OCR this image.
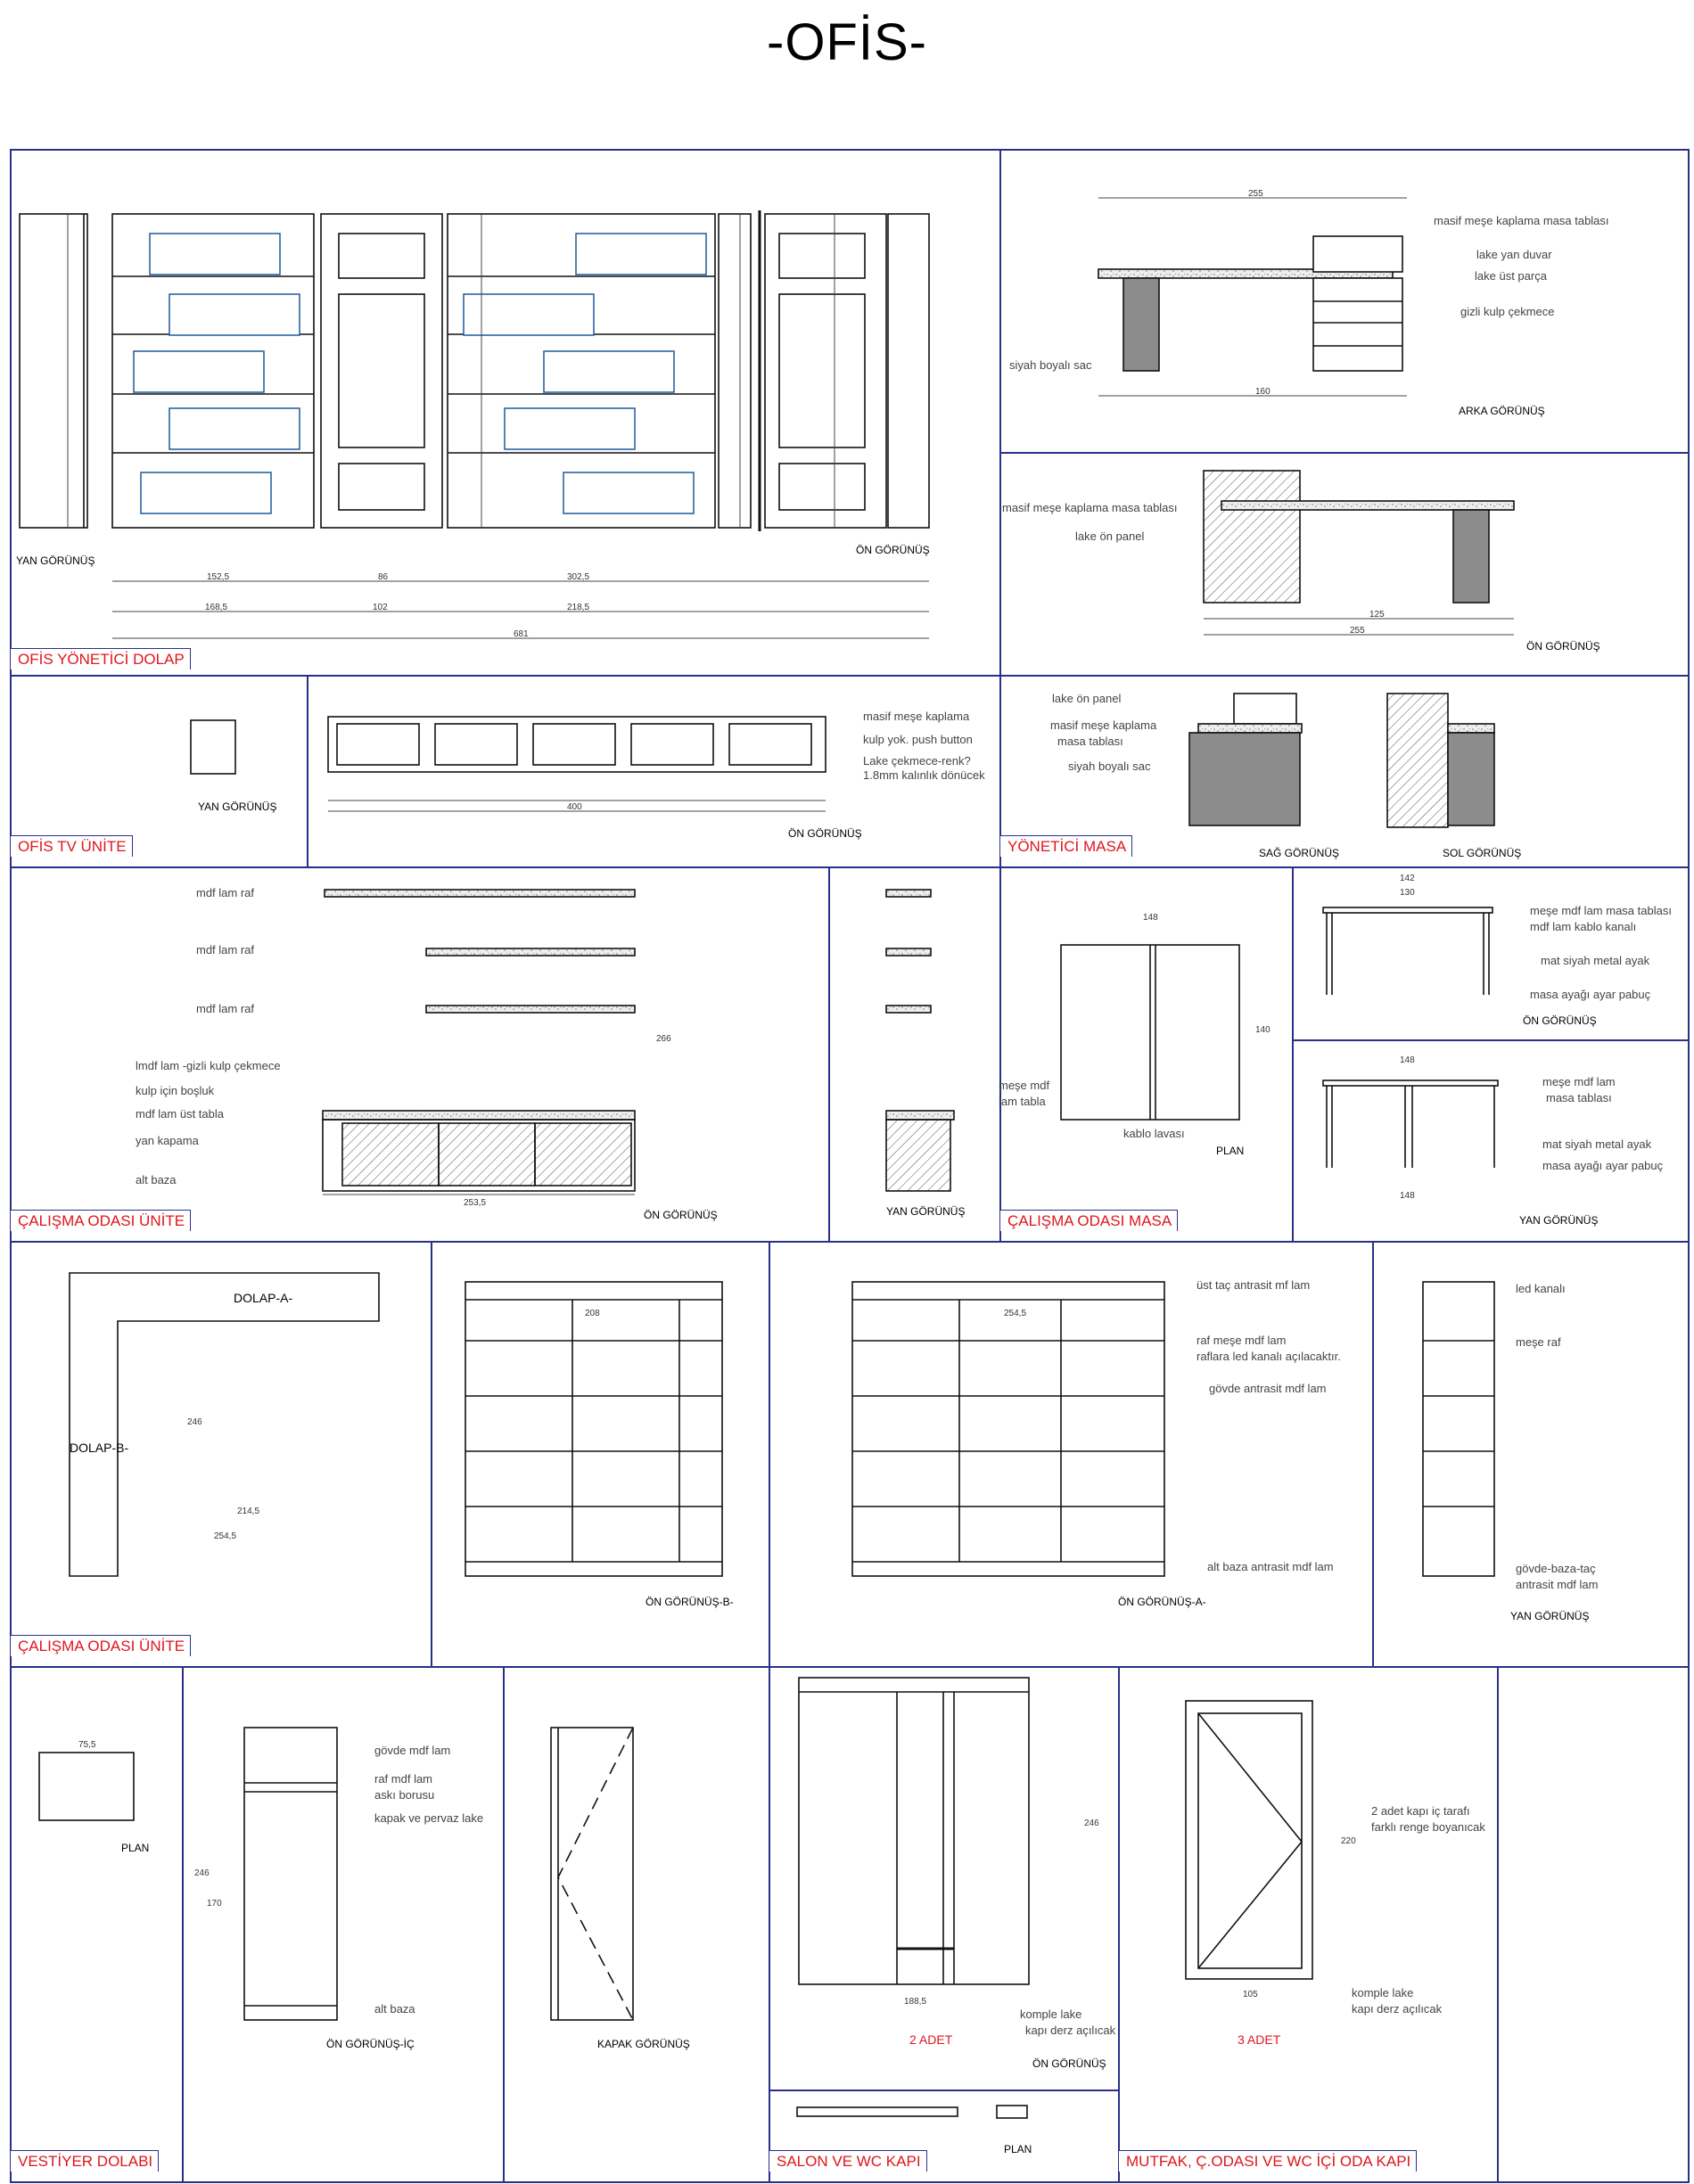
-OFİS-
OFİS YÖNETİCİ DOLAP
OFİS TV ÜNİTE	YÖNETİCİ MASA
ÇALIŞMA ODASI ÜNİTE	ÇALIŞMA ODASI MASA
ÇALIŞMA ODASI ÜNİTE
VESTİYER DOLABI	SALON VE WC KAPI	MUTFAK, Ç.ODASI VE WC İÇİ ODA KAPI
YAN GÖRÜNÜŞ
ÖN GÖRÜNÜŞ
ARKA GÖRÜNÜŞ
ÖN GÖRÜNÜŞ
YAN GÖRÜNÜŞ
ÖN GÖRÜNÜŞ
SAĞ GÖRÜNÜŞ	SOL GÖRÜNÜŞ
ÖN GÖRÜNÜŞ	YAN GÖRÜNÜŞ
PLAN
ÖN GÖRÜNÜŞ
YAN GÖRÜNÜŞ
ÖN GÖRÜNÜŞ-B-	ÖN GÖRÜNÜŞ-A-
YAN GÖRÜNÜŞ
PLAN
ÖN GÖRÜNÜŞ-İÇ	KAPAK GÖRÜNÜŞ
ÖN GÖRÜNÜŞ
PLAN
masif meşe kaplama masa tablası
lake yan duvar
lake üst parça
gizli kulp çekmece
siyah boyalı sac
masif meşe kaplama masa tablası
lake ön panel
masif meşe kaplama
kulp yok. push button
Lake çekmece-renk?
1.8mm kalınlık dönücek
lake ön panel
masif meşe kaplama
masa tablası
siyah boyalı sac
mdf lam raf
mdf lam raf
mdf lam raf
lmdf lam -gizli kulp çekmece
kulp için boşluk
mdf lam üst tabla
yan kapama
alt baza
meşe mdf lam masa tablası
mdf lam kablo kanalı
mat siyah metal ayak
masa ayağı ayar pabuç
meşe mdf
lam tabla
kablo lavası
meşe mdf lam
masa tablası
mat siyah metal ayak
masa ayağı ayar pabuç
DOLAP-A-
DOLAP-B-
üst taç antrasit mf lam
raf meşe mdf lam
raflara led kanalı açılacaktır.
gövde antrasit mdf lam
alt baza antrasit mdf lam
led kanalı
meşe raf
gövde-baza-taç
antrasit mdf lam
gövde mdf lam
raf mdf lam
askı borusu
kapak ve pervaz lake
alt baza	komple lake
kapı derz açılıcak
2 ADET
2 adet kapı iç tarafı
farklı renge boyanıcak
komple lake
kapı derz açılıcak
3 ADET
681
168,5	218,5
152,5	302,5
102
86
400
255
160
255
125
253,5
266
148
140
142
130
148
148
214,5
254,5
246
208	254,5
75,5
246
170
188,5
246
220
105
